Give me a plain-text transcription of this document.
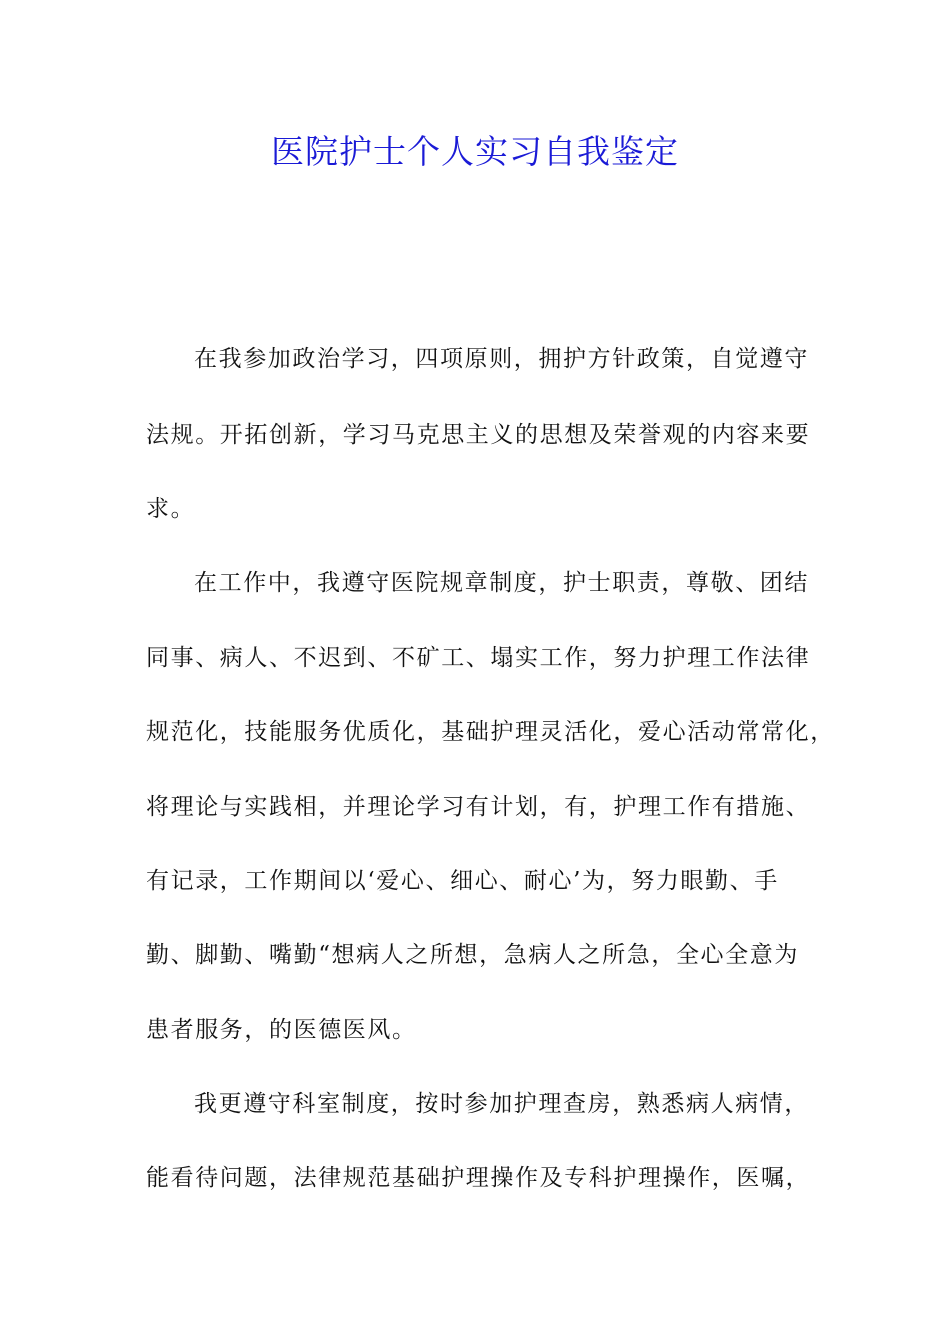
医院护士个人实习自我鉴定
在我参加政治学习，四项原则，拥护方针政策，自觉遵守
法规。开拓创新，学习马克思主义的思想及荣誉观的内容来要
求。
在工作中，我遵守医院规章制度，护士职责，尊敬、团结
同事、病人、不迟到、不矿工、塌实工作，努力护理工作法律
规范化，技能服务优质化，基础护理灵活化，爱心活动常常化，
将理论与实践相，并理论学习有计划，有，护理工作有措施、
有记录，工作期间以‘爱心、细心、耐心’为，努力眼勤、手
勤、脚勤、嘴勤“想病人之所想，急病人之所急，全心全意为
患者服务，的医德医风。
我更遵守科室制度，按时参加护理查房，熟悉病人病情，
能看待问题，法律规范基础护理操作及专科护理操作，医嘱，
